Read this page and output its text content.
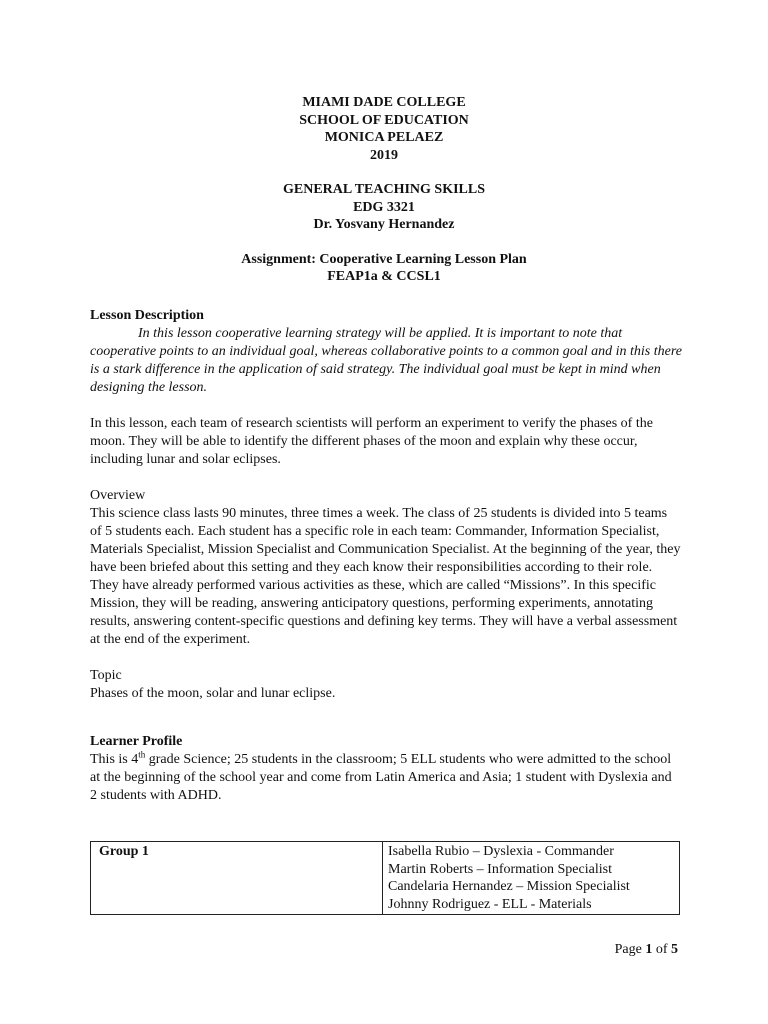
MIAMI DADE COLLEGE
SCHOOL OF EDUCATION
MONICA PELAEZ
2019
GENERAL TEACHING SKILLS
EDG 3321
Dr. Yosvany Hernandez
Assignment: Cooperative Learning Lesson Plan
FEAP1a & CCSL1

Lesson Description

In this lesson cooperative learning strategy will be applied. It is important to note that cooperative points to an individual goal, whereas collaborative points to a common goal and in this there is a stark difference in the application of said strategy. The individual goal must be kept in mind when designing the lesson.

In this lesson, each team of research scientists will perform an experiment to verify the phases of the moon. They will be able to identify the different phases of the moon and explain why these occur, including lunar and solar eclipses.

Overview

This science class lasts 90 minutes, three times a week. The class of 25 students is divided into 5 teams of 5 students each. Each student has a specific role in each team: Commander, Information Specialist, Materials Specialist, Mission Specialist and Communication Specialist. At the beginning of the year, they have been briefed about this setting and they each know their responsibilities according to their role. They have already performed various activities as these, which are called “Missions”. In this specific Mission, they will be reading, answering anticipatory questions, performing experiments, annotating results, answering content-specific questions and defining key terms. They will have a verbal assessment at the end of the experiment.

Topic

Phases of the moon, solar and lunar eclipse.

Learner Profile

This is 4th grade Science; 25 students in the classroom; 5 ELL students who were admitted to the school at the beginning of the school year and come from Latin America and Asia; 1 student with Dyslexia and 2 students with ADHD.

Group 1	Isabella Rubio – Dyslexia - Commander
Martin Roberts – Information Specialist
Candelaria Hernandez – Mission Specialist
Johnny Rodriguez - ELL - Materials
Page 1 of 5
